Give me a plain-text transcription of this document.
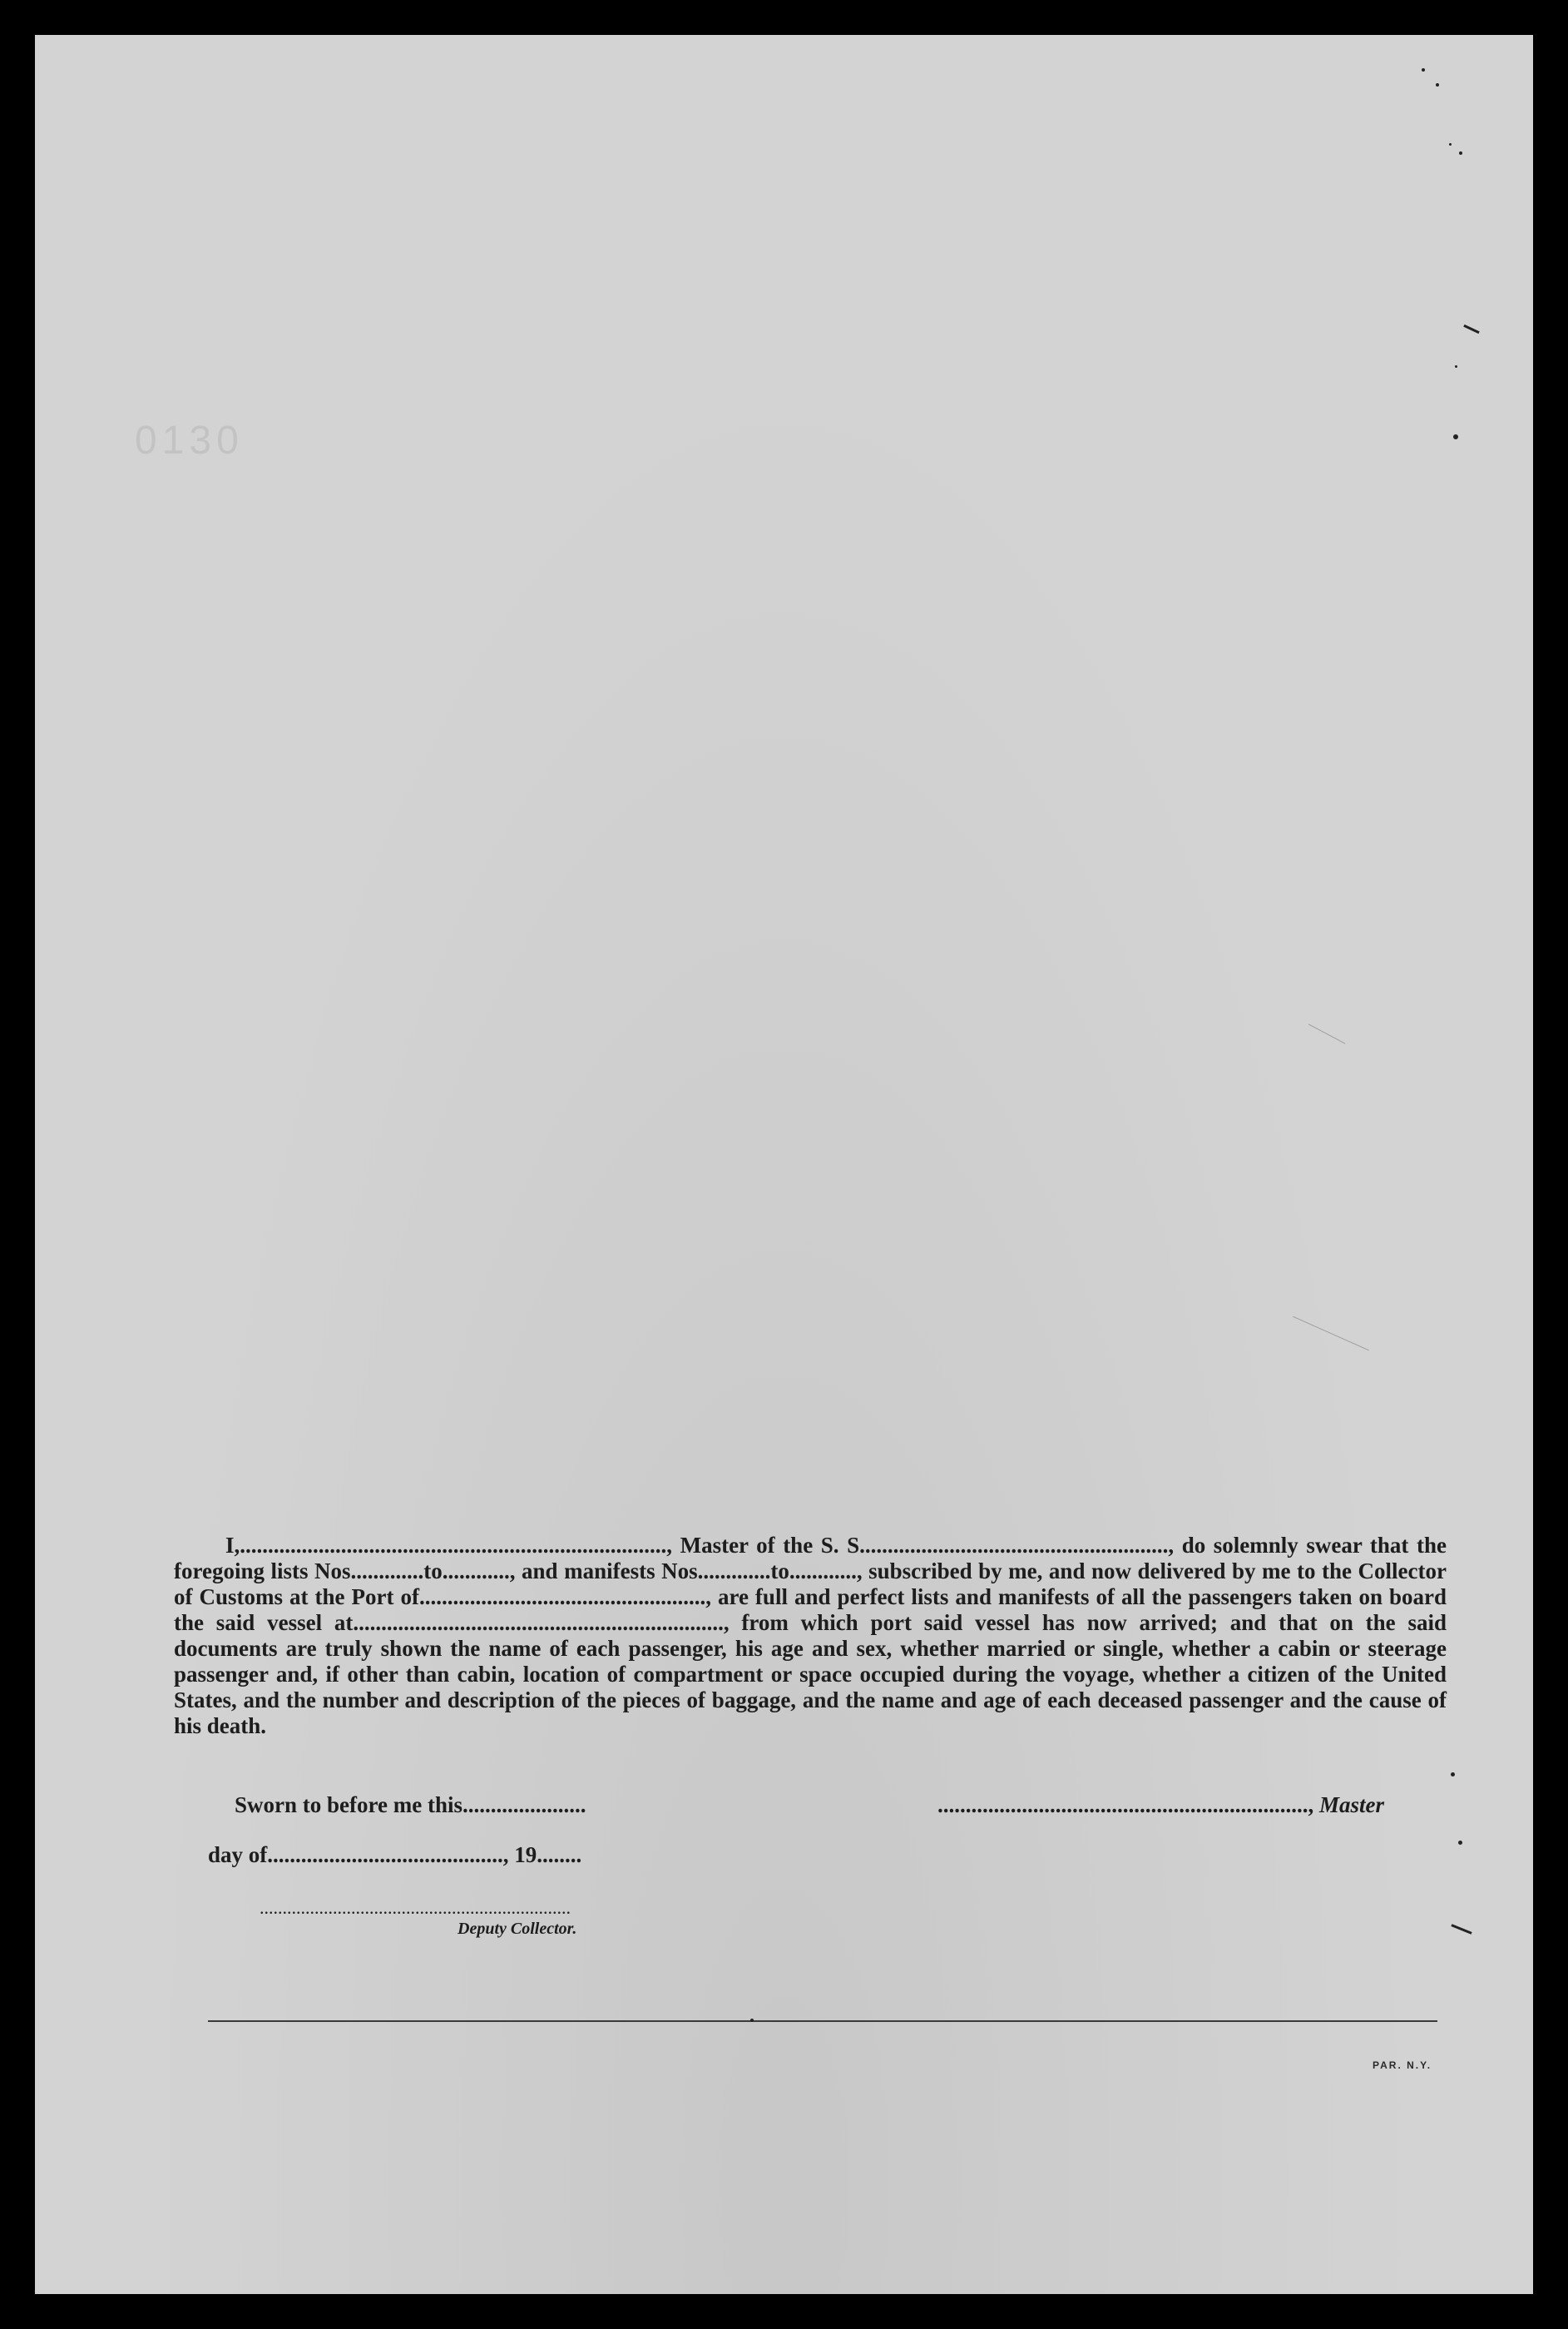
0130

I,............................................................................, Master of the S. S......................................................., do solemnly swear that the foregoing lists Nos.............to............, and manifests Nos.............to............, subscribed by me, and now delivered by me to the Collector of Customs at the Port of..................................................., are full and perfect lists and manifests of all the passengers taken on board the said vessel at.................................................................., from which port said vessel has now arrived; and that on the said documents are truly shown the name of each passenger, his age and sex, whether married or single, whether a cabin or steerage passenger and, if other than cabin, location of compartment or space occupied during the voyage, whether a citizen of the United States, and the number and description of the pieces of baggage, and the name and age of each deceased passenger and the cause of his death.

Sworn to before me this......................	.................................................................., Master
day of.........................................., 19........
....................................................................
Deputy Collector.
PAR. N.Y.
